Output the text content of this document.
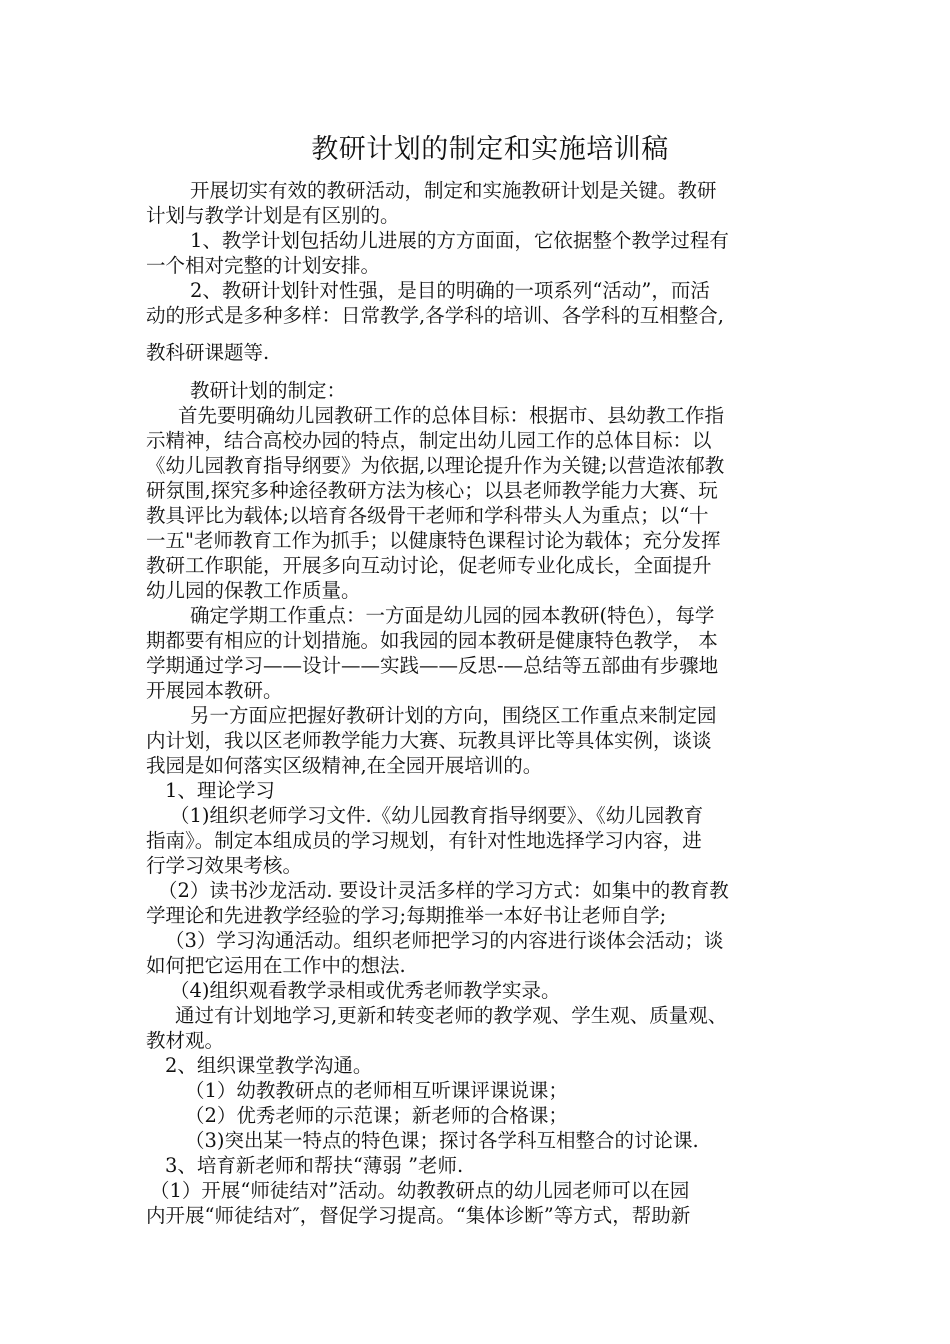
教研计划的制定和实施培训稿
开展切实有效的教研活动，制定和实施教研计划是关键。教研
计划与教学计划是有区别的。
1、教学计划包括幼儿进展的方方面面，它依据整个教学过程有
一个相对完整的计划安排。
2、教研计划针对性强，是目的明确的一项系列“活动”，而活
动的形式是多种多样：日常教学,各学科的培训、各学科的互相整合,
教科研课题等.
教研计划的制定：
首先要明确幼儿园教研工作的总体目标：根据市、县幼教工作指
示精神，结合高校办园的特点，制定出幼儿园工作的总体目标：以
《幼儿园教育指导纲要》为依据,以理论提升作为关键;以营造浓郁教
研氛围,探究多种途径教研方法为核心；以县老师教学能力大赛、玩
教具评比为载体;以培育各级骨干老师和学科带头人为重点；以“十
一五"老师教育工作为抓手；以健康特色课程讨论为载体；充分发挥
教研工作职能，开展多向互动讨论，促老师专业化成长，全面提升
幼儿园的保教工作质量。
确定学期工作重点：一方面是幼儿园的园本教研(特色），每学
期都要有相应的计划措施。如我园的园本教研是健康特色教学， 本
学期通过学习——设计——实践——反思-—总结等五部曲有步骤地
开展园本教研。
另一方面应把握好教研计划的方向，围绕区工作重点来制定园
内计划，我以区老师教学能力大赛、玩教具评比等具体实例，谈谈
我园是如何落实区级精神,在全园开展培训的。
1、理论学习
（1)组织老师学习文件.《幼儿园教育指导纲要》、《幼儿园教育
指南》。制定本组成员的学习规划，有针对性地选择学习内容，进
行学习效果考核。
（2）读书沙龙活动. 要设计灵活多样的学习方式：如集中的教育教
学理论和先进教学经验的学习;每期推举一本好书让老师自学;
（3）学习沟通活动。组织老师把学习的内容进行谈体会活动；谈
如何把它运用在工作中的想法.
（4)组织观看教学录相或优秀老师教学实录。
通过有计划地学习,更新和转变老师的教学观、学生观、质量观、
教材观。
2、组织课堂教学沟通。
（1）幼教教研点的老师相互听课评课说课；
（2）优秀老师的示范课；新老师的合格课；
（3)突出某一特点的特色课；探讨各学科互相整合的讨论课.
3、培育新老师和帮扶“薄弱 ”老师.
（1）开展“师徒结对”活动。幼教教研点的幼儿园老师可以在园
内开展“师徒结对″，督促学习提高。“集体诊断”等方式，帮助新
